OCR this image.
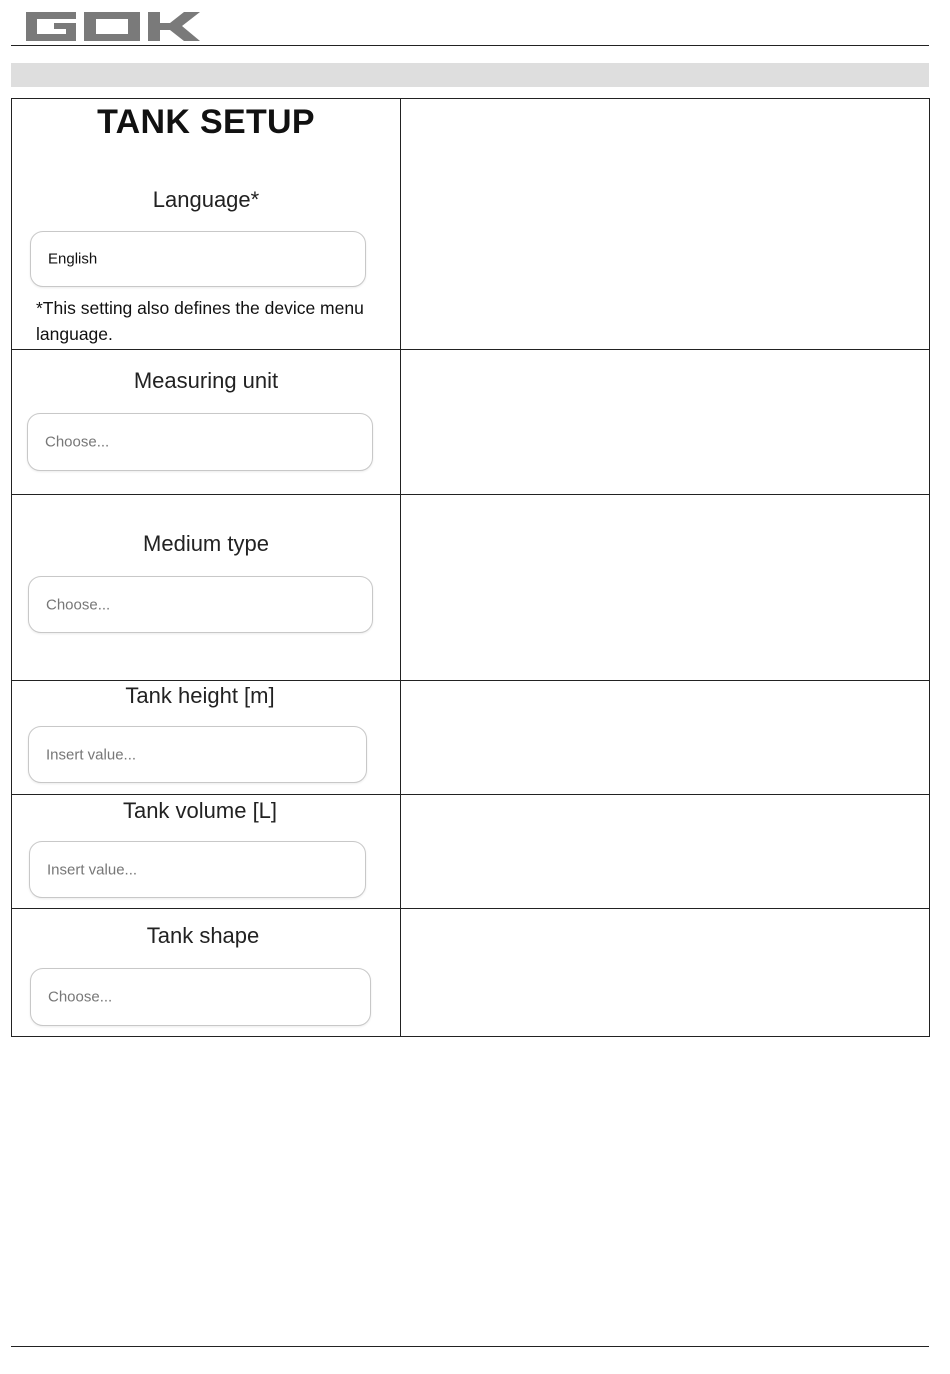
TANK SETUP
Language*
English
*This setting also defines the device menu language.	

Measuring unit
Choose...	

Medium type
Choose...	

Tank height [m]
Insert value...	

Tank volume [L]
Insert value...	

Tank shape
Choose...	
